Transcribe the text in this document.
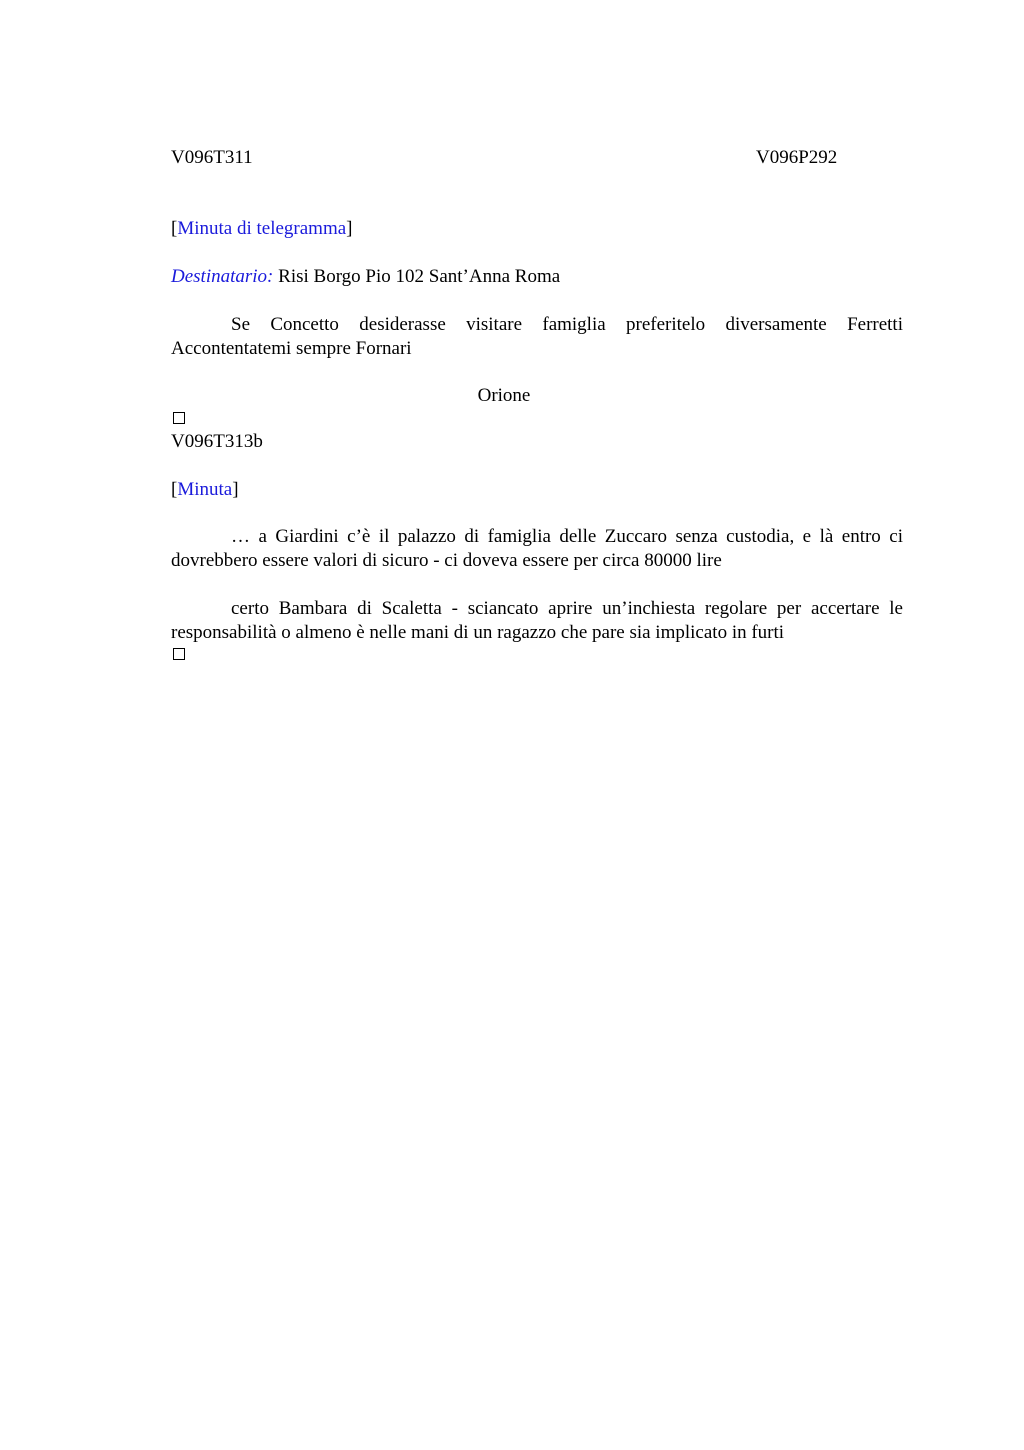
V096T311	V096P292
[Minuta di telegramma]
Destinatario: Risi Borgo Pio 102 Sant’Anna Roma
Se Concetto desiderasse visitare famiglia preferitelo diversamente Ferretti Accontentatemi sempre Fornari
Orione
V096T313b
[Minuta]
… a Giardini c’è il palazzo di famiglia delle Zuccaro senza custodia, e là entro ci dovrebbero essere valori di sicuro - ci doveva essere per circa 80000 lire
certo Bambara di Scaletta - sciancato aprire un’inchiesta regolare per accertare le responsabilità o almeno è nelle mani di un ragazzo che pare sia implicato in furti
